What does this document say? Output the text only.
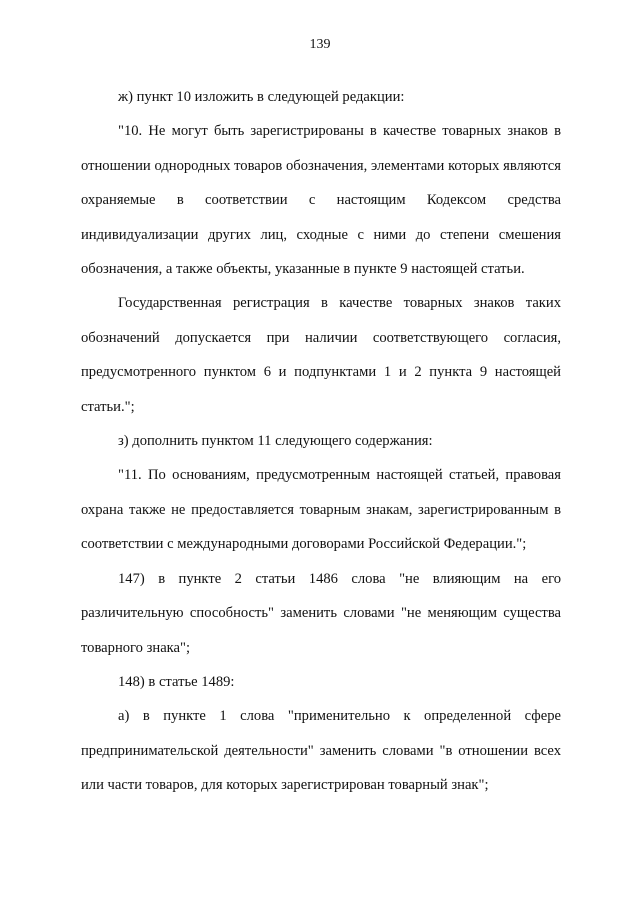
139

ж) пункт 10 изложить в следующей редакции:

"10. Не могут быть зарегистрированы в качестве товарных знаков в отношении однородных товаров обозначения, элементами которых являются охраняемые в соответствии с настоящим Кодексом средства индивидуализации других лиц, сходные с ними до степени смешения обозначения, а также объекты, указанные в пункте 9 настоящей статьи.

Государственная регистрация в качестве товарных знаков таких обозначений допускается при наличии соответствующего согласия, предусмотренного пунктом 6 и подпунктами 1 и 2 пункта 9 настоящей статьи.";

з) дополнить пунктом 11 следующего содержания:

"11. По основаниям, предусмотренным настоящей статьей, правовая охрана также не предоставляется товарным знакам, зарегистрированным в соответствии с международными договорами Российской Федерации.";

147) в пункте 2 статьи 1486 слова "не влияющим на его различительную способность" заменить словами "не меняющим существа товарного знака";

148) в статье 1489:

а) в пункте 1 слова "применительно к определенной сфере предпринимательской деятельности" заменить словами "в отношении всех или части товаров, для которых зарегистрирован товарный знак";
